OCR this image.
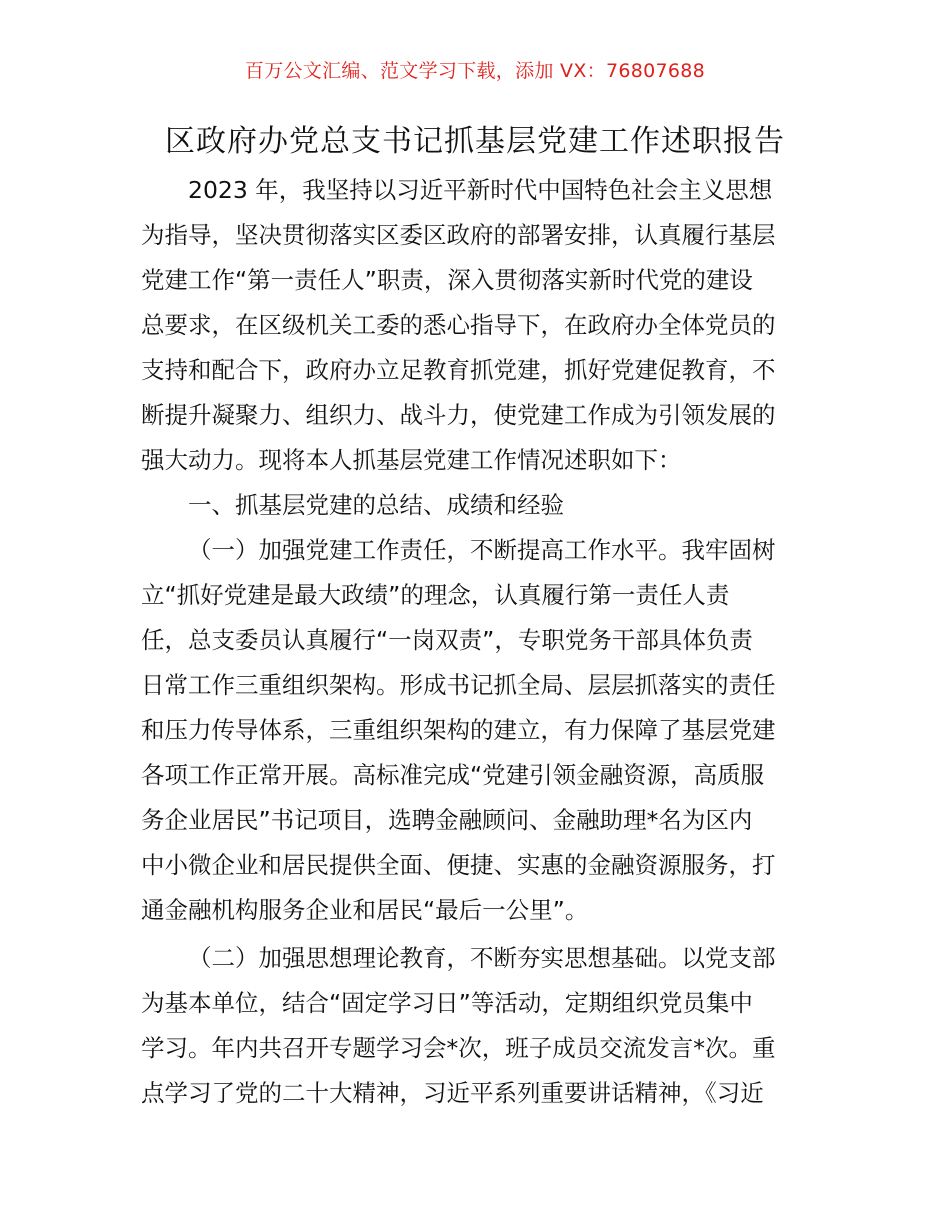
百万公文汇编、范文学习下载，添加 VX：76807688
区政府办党总支书记抓基层党建工作述职报告
2023 年，我坚持以习近平新时代中国特色社会主义思想
为指导，坚决贯彻落实区委区政府的部署安排，认真履行基层
党建工作“第一责任人”职责，深入贯彻落实新时代党的建设
总要求，在区级机关工委的悉心指导下，在政府办全体党员的
支持和配合下，政府办立足教育抓党建，抓好党建促教育，不
断提升凝聚力、组织力、战斗力，使党建工作成为引领发展的
强大动力。现将本人抓基层党建工作情况述职如下：
一、抓基层党建的总结、成绩和经验
（一）加强党建工作责任，不断提高工作水平。我牢固树
立“抓好党建是最大政绩”的理念，认真履行第一责任人责
任，总支委员认真履行“一岗双责”，专职党务干部具体负责
日常工作三重组织架构。形成书记抓全局、层层抓落实的责任
和压力传导体系，三重组织架构的建立，有力保障了基层党建
各项工作正常开展。高标准完成“党建引领金融资源，高质服
务企业居民”书记项目，选聘金融顾问、金融助理*名为区内
中小微企业和居民提供全面、便捷、实惠的金融资源服务，打
通金融机构服务企业和居民“最后一公里”。
（二）加强思想理论教育，不断夯实思想基础。以党支部
为基本单位，结合“固定学习日”等活动，定期组织党员集中
学习。年内共召开专题学习会*次，班子成员交流发言*次。重
点学习了党的二十大精神，习近平系列重要讲话精神，《习近
